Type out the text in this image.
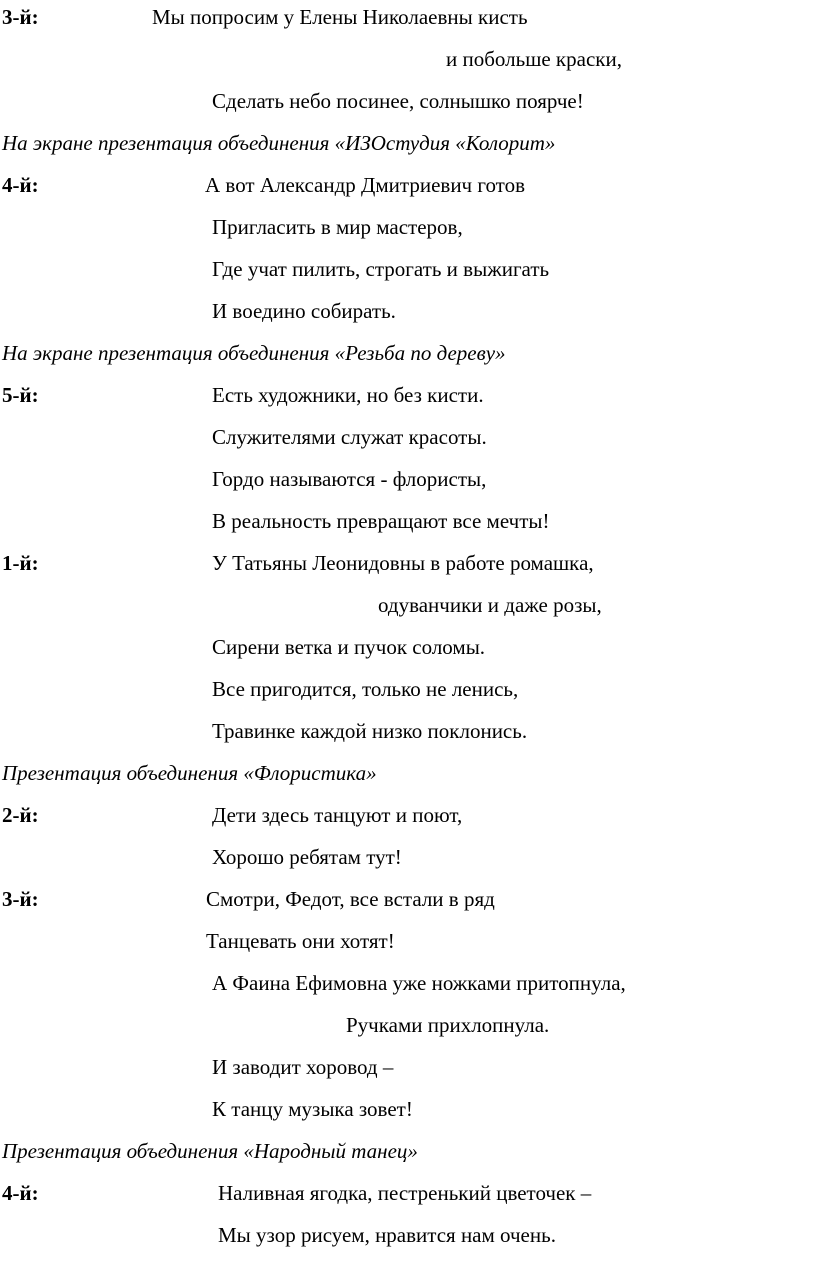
3-й:	Мы попросим у Елены Николаевны кисть
и побольше краски,
Сделать небо посинее, солнышко поярче!
На экране презентация объединения «ИЗОстудия «Колорит»
4-й:	А вот Александр Дмитриевич готов
Пригласить в мир мастеров,
Где учат пилить, строгать и выжигать
И воедино собирать.
На экране презентация объединения «Резьба по дереву»
5-й:	Есть художники, но без кисти.
Служителями служат красоты.
Гордо называются - флористы,
В реальность превращают все мечты!
1-й:	У Татьяны Леонидовны в работе ромашка,
одуванчики и даже розы,
Сирени ветка и пучок соломы.
Все пригодится, только не ленись,
Травинке каждой низко поклонись.
Презентация объединения «Флористика»
2-й:	Дети здесь танцуют и поют,
Хорошо ребятам тут!
3-й:	Смотри, Федот, все встали в ряд
Танцевать они хотят!
А Фаина Ефимовна уже ножками притопнула,
Ручками прихлопнула.
И заводит хоровод –
К танцу музыка зовет!
Презентация объединения «Народный танец»
4-й:	Наливная ягодка, пестренький цветочек –
Мы узор рисуем, нравится нам очень.
